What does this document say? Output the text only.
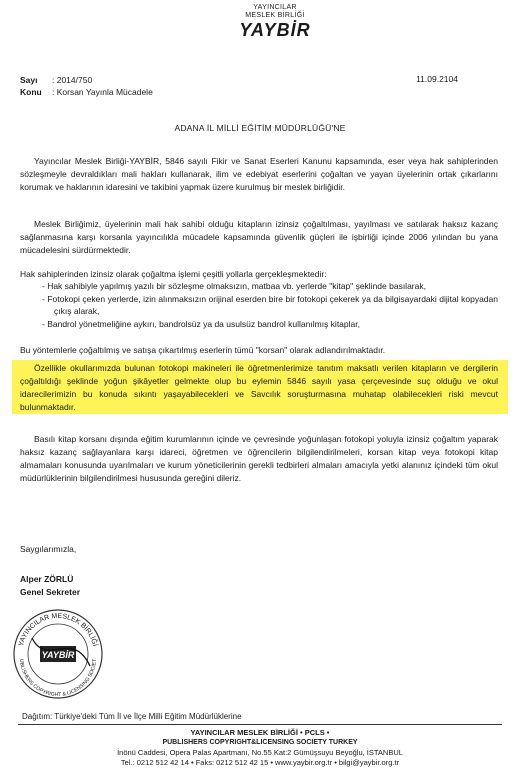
YAYINCILAR
MESLEK BİRLİĞİ
YAYBİR
Sayı : 2014/750
Konu : Korsan Yayınla Mücadele
11.09.2104
ADANA İL MİLLİ EĞİTİM MÜDÜRLÜĞÜ'NE
Yayıncılar Meslek Birliği-YAYBİR, 5846 sayılı Fikir ve Sanat Eserleri Kanunu kapsamında, eser veya hak sahiplerinden sözleşmeyle devraldıkları mali hakları kullanarak, ilim ve edebiyat eserlerini çoğaltan ve yayan üyelerinin ortak çıkarlarını korumak ve haklarının idaresini ve takibini yapmak üzere kurulmuş bir meslek birliğidir.
Meslek Birliğimiz, üyelerinin mali hak sahibi olduğu kitapların izinsiz çoğaltılması, yayılması ve satılarak haksız kazanç sağlanmasına karşı korsanla yayıncılıkla mücadele kapsamında güvenlik güçleri ile işbirliği içinde 2006 yılından bu yana mücadelesini sürdürmektedir.
Hak sahiplerinden izinsiz olarak çoğaltma işlemi çeşitli yollarla gerçekleşmektedir:
- Hak sahibiyle yapılmış yazılı bir sözleşme olmaksızın, matbaa vb. yerlerde "kitap" şeklinde basılarak,
- Fotokopi çeken yerlerde, izin alınmaksızın orijinal eserden bire bir fotokopi çekerek ya da bilgisayardaki dijital kopyadan çıkış alarak,
- Bandrol yönetmeliğine aykırı, bandrolsüz ya da usulsüz bandrol kullanılmış kitaplar,
Bu yöntemlerle çoğaltılmış ve satışa çıkartılmış eserlerin tümü "korsan" olarak adlandırılmaktadır.
Özellikle okullarımızda bulunan fotokopi makineleri ile öğretmenlerimize tanıtım maksatlı verilen kitapların ve dergilerin çoğaltıldığı şeklinde yoğun şikâyetler gelmekte olup bu eylemin 5846 sayılı yasa çerçevesinde suç olduğu ve okul idarecilerimizin bu konuda sıkıntı yaşayabilecekleri ve Savcılık soruşturmasına muhatap olabilecekleri riski mevcut bulunmaktadır.
Basılı kitap korsanı dışında eğitim kurumlarının içinde ve çevresinde yoğunlaşan fotokopi yoluyla izinsiz çoğaltım yaparak haksız kazanç sağlayanlara karşı idareci, öğretmen ve öğrencilerin bilgilendirilmeleri, korsan kitap veya fotokopi kitap almamaları konusunda uyarılmaları ve kurum yöneticilerinin gerekli tedbirleri almaları amacıyla yetki alanınız içindeki tüm okul müdürlüklerinin bilgilendirilmesi hususunda gereğini dileriz.
Saygılarımızla,
Alper ZÖRLÜ
Genel Sekreter
YAYINCILAR MESLEK BİRLİĞİ
UBLISHERS COPYRIGHT & LICENSING SOCIET
YAYBİR
Dağıtım: Türkiye'deki Tüm İl ve İlçe Milli Eğitim Müdürlüklerine
YAYINCILAR MESLEK BİRLİĞİ • PCLS •
PUBLISHERS COPYRIGHT&LICENSING SOCIETY TURKEY
İnönü Caddesi, Opera Palas Apartmanı, No.55 Kat:2 Gümüşsuyu Beyoğlu, İSTANBUL
Tel.: 0212 512 42 14 • Faks: 0212 512 42 15 • www.yaybir.org.tr • bilgi@yaybir.org.tr
